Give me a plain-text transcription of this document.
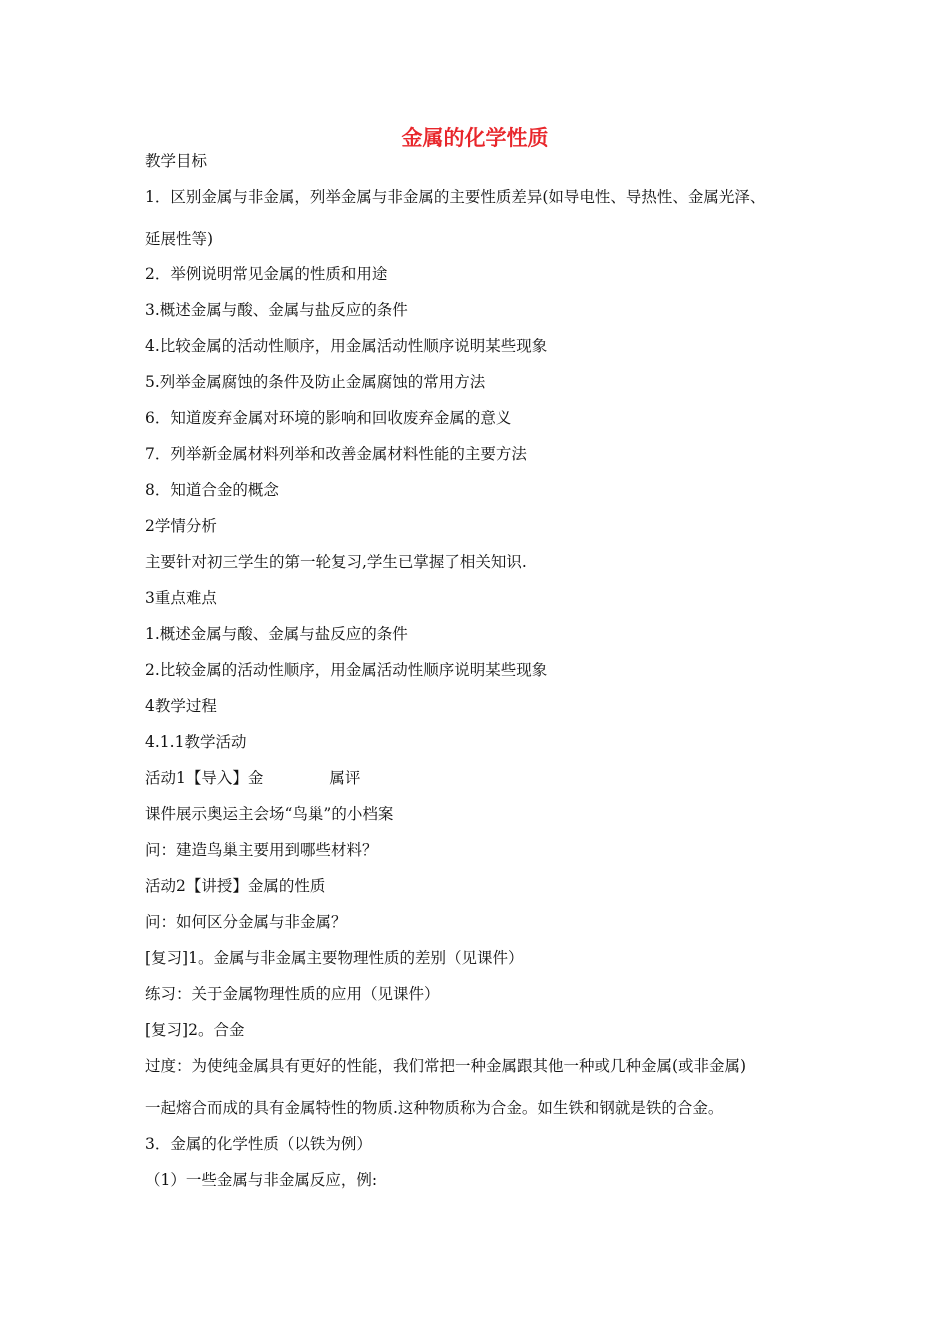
金属的化学性质
教学目标
1．区别金属与非金属，列举金属与非金属的主要性质差异(如导电性、导热性、金属光泽、
延展性等)
2．举例说明常见金属的性质和用途
3.概述金属与酸、金属与盐反应的条件
4.比较金属的活动性顺序，用金属活动性顺序说明某些现象
5.列举金属腐蚀的条件及防止金属腐蚀的常用方法
6．知道废弃金属对环境的影响和回收废弃金属的意义
7．列举新金属材料列举和改善金属材料性能的主要方法
8．知道合金的概念
2学情分析
主要针对初三学生的第一轮复习,学生已掌握了相关知识.
3重点难点
1.概述金属与酸、金属与盐反应的条件
2.比较金属的活动性顺序，用金属活动性顺序说明某些现象
4教学过程
4.1.1教学活动
活动1【导入】金	属评
课件展示奥运主会场“鸟巢”的小档案
问：建造鸟巢主要用到哪些材料？
活动2【讲授】金属的性质
问：如何区分金属与非金属？
[复习]1。金属与非金属主要物理性质的差别（见课件）
练习：关于金属物理性质的应用（见课件）
[复习]2。合金
过度：为使纯金属具有更好的性能，我们常把一种金属跟其他一种或几种金属(或非金属)
一起熔合而成的具有金属特性的物质.这种物质称为合金。如生铁和钢就是铁的合金。
3．金属的化学性质（以铁为例）
（1）一些金属与非金属反应，例:
